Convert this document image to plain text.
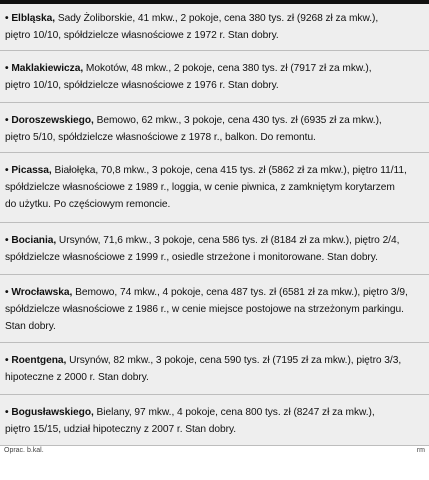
• Elbląska, Sady Żoliborskie, 41 mkw., 2 pokoje, cena 380 tys. zł (9268 zł za mkw.),
piętro 10/10, spółdzielcze własnościowe z 1972 r. Stan dobry.

• Maklakiewicza, Mokotów, 48 mkw., 2 pokoje, cena 380 tys. zł (7917 zł za mkw.),
piętro 10/10, spółdzielcze własnościowe z 1976 r. Stan dobry.

• Doroszewskiego, Bemowo, 62 mkw., 3 pokoje, cena 430 tys. zł (6935 zł za mkw.),
piętro 5/10, spółdzielcze własnościowe z 1978 r., balkon. Do remontu.

• Picassa, Białołęka, 70,8 mkw., 3 pokoje, cena 415 tys. zł (5862 zł za mkw.), piętro 11/11,
spółdzielcze własnościowe z 1989 r., loggia, w cenie piwnica, z zamkniętym korytarzem
do użytku. Po częściowym remoncie.

• Bociania, Ursynów, 71,6 mkw., 3 pokoje, cena 586 tys. zł (8184 zł za mkw.), piętro 2/4,
spółdzielcze własnościowe z 1999 r., osiedle strzeżone i monitorowane. Stan dobry.

• Wrocławska, Bemowo, 74 mkw., 4 pokoje, cena 487 tys. zł (6581 zł za mkw.), piętro 3/9,
spółdzielcze własnościowe z 1986 r., w cenie miejsce postojowe na strzeżonym parkingu.
Stan dobry.

• Roentgena, Ursynów, 82 mkw., 3 pokoje, cena 590 tys. zł (7195 zł za mkw.), piętro 3/3,
hipoteczne z 2000 r. Stan dobry.

• Bogusławskiego, Bielany, 97 mkw., 4 pokoje, cena 800 tys. zł (8247 zł za mkw.),
piętro 15/15, udział hipoteczny z 2007 r. Stan dobry.

Oprac. b.kal.	rm
